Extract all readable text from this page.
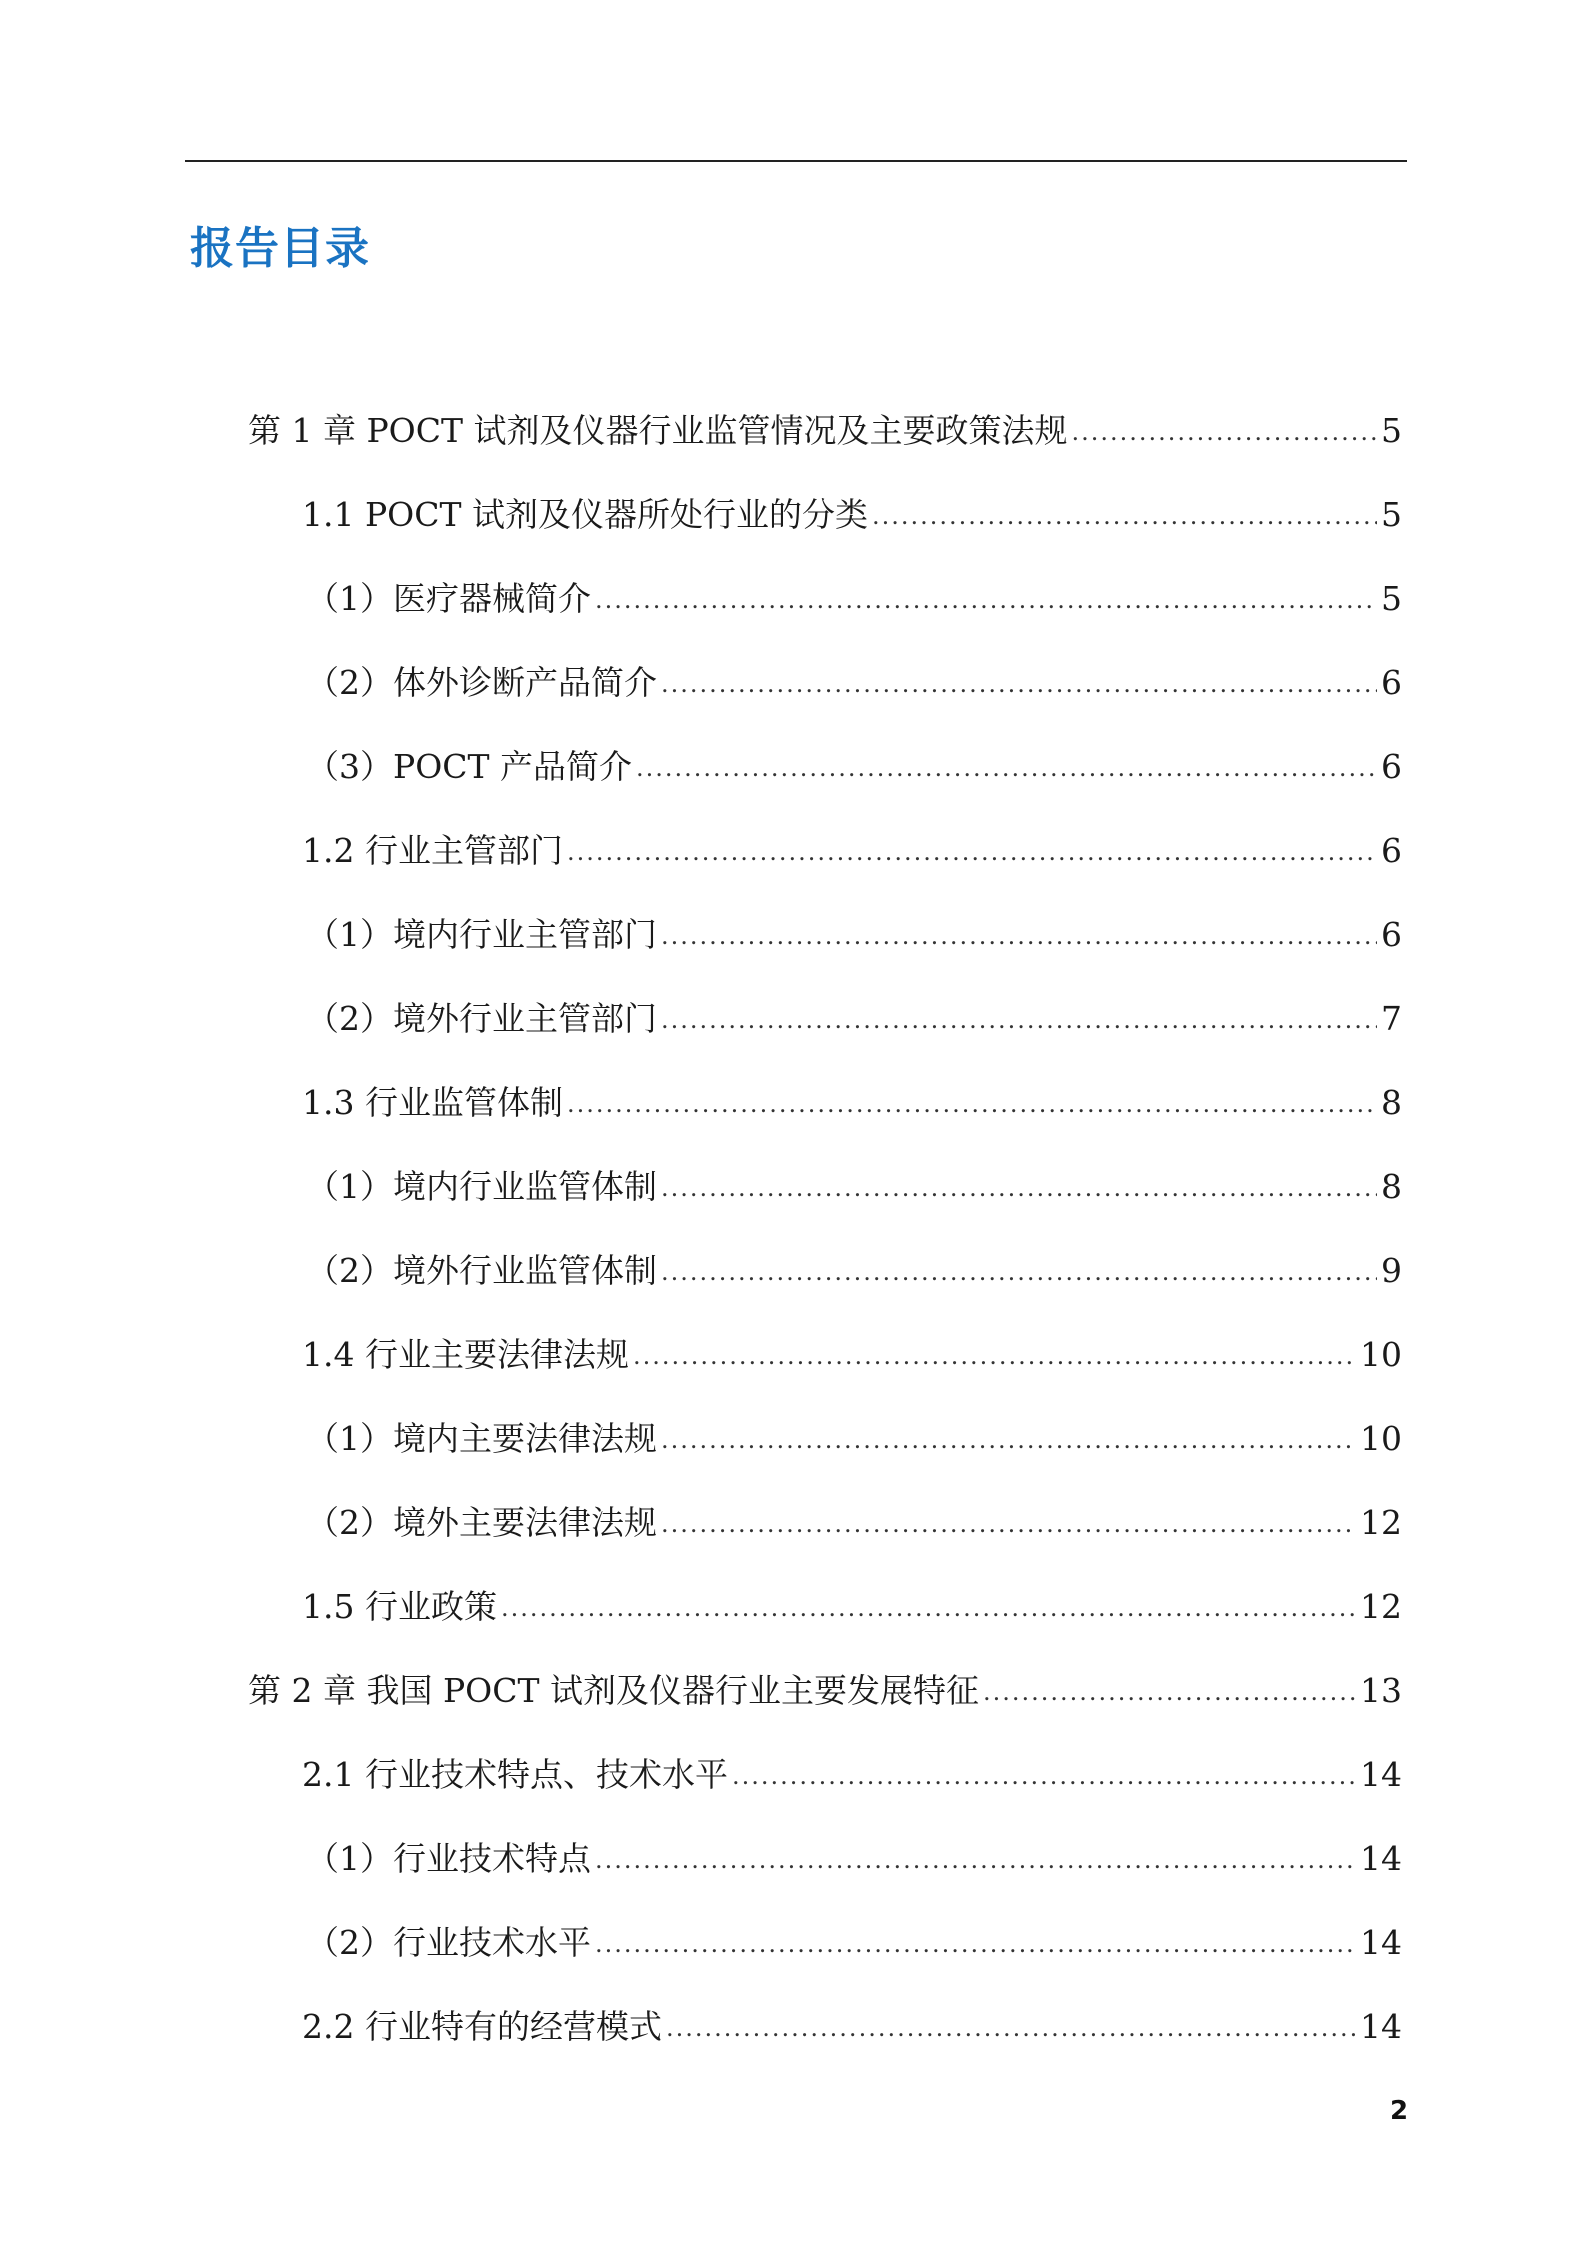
报告目录
第 1 章 POCT 试剂及仪器行业监管情况及主要政策法规 .....	5
1.1 POCT 试剂及仪器所处行业的分类 .....	5
（1）医疗器械简介 .....	5
（2）体外诊断产品简介 .....	6
（3）POCT 产品简介 .....	6
1.2 行业主管部门 .....	6
（1）境内行业主管部门 .....	6
（2）境外行业主管部门 .....	7
1.3 行业监管体制 .....	8
（1）境内行业监管体制 .....	8
（2）境外行业监管体制 .....	9
1.4 行业主要法律法规 .....	10
（1）境内主要法律法规 .....	10
（2）境外主要法律法规 .....	12
1.5 行业政策 .....	12
第 2 章 我国 POCT 试剂及仪器行业主要发展特征 .....	13
2.1 行业技术特点、技术水平 .....	14
（1）行业技术特点 .....	14
（2）行业技术水平 .....	14
2.2 行业特有的经营模式 .....	14
2
